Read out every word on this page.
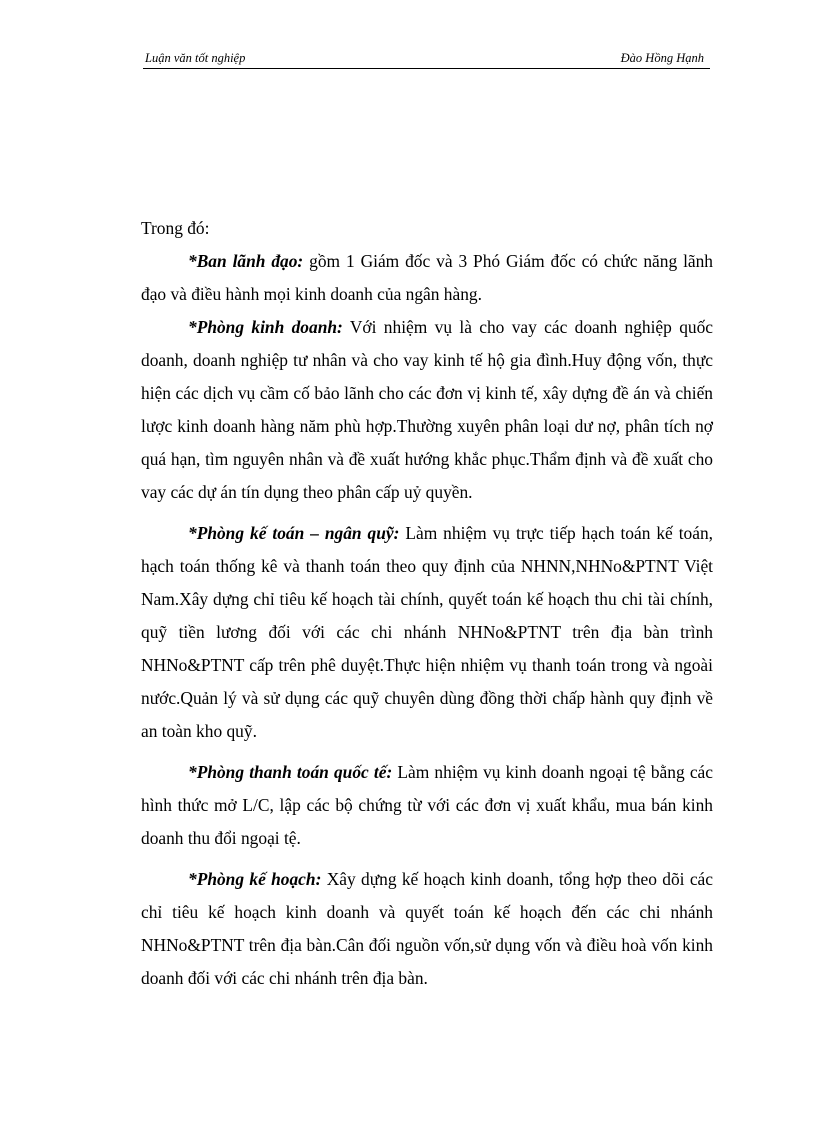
Luận văn tốt nghiệp	Đào Hồng Hạnh

Trong đó:

*Ban lãnh đạo: gồm 1 Giám đốc và 3 Phó Giám đốc có chức năng lãnh đạo và điều hành mọi kinh doanh của ngân hàng.

*Phòng kinh doanh: Với nhiệm vụ là cho vay các doanh nghiệp quốc doanh, doanh nghiệp tư nhân và cho vay kinh tế hộ gia đình.Huy động vốn, thực hiện các dịch vụ cầm cố bảo lãnh cho các đơn vị kinh tế, xây dựng đề án và chiến lược kinh doanh hàng năm phù hợp.Thường xuyên phân loại dư nợ, phân tích nợ quá hạn, tìm nguyên nhân và đề xuất hướng khắc phục.Thẩm định và đề xuất cho vay các dự án tín dụng theo phân cấp uỷ quyền.

*Phòng kế toán – ngân quỹ: Làm nhiệm vụ trực tiếp hạch toán kế toán, hạch toán thống kê và thanh toán theo quy định của NHNN,NHNo&PTNT Việt Nam.Xây dựng chỉ tiêu kế hoạch tài chính, quyết toán kế hoạch thu chi tài chính, quỹ tiền lương đối với các chi nhánh NHNo&PTNT trên địa bàn trình NHNo&PTNT cấp trên phê duyệt.Thực hiện nhiệm vụ thanh toán trong và ngoài nước.Quản lý và sử dụng các quỹ chuyên dùng đồng thời chấp hành quy định về an toàn kho quỹ.

*Phòng thanh toán quốc tế: Làm nhiệm vụ kinh doanh ngoại tệ bằng các hình thức mở L/C, lập các bộ chứng từ với các đơn vị xuất khẩu, mua bán kinh doanh thu đổi ngoại tệ.

*Phòng kế hoạch: Xây dựng kế hoạch kinh doanh, tổng hợp theo dõi các chỉ tiêu kế hoạch kinh doanh và quyết toán kế hoạch đến các chi nhánh NHNo&PTNT trên địa bàn.Cân đối nguồn vốn,sử dụng vốn và điều hoà vốn kinh doanh đối với các chi nhánh trên địa bàn.
